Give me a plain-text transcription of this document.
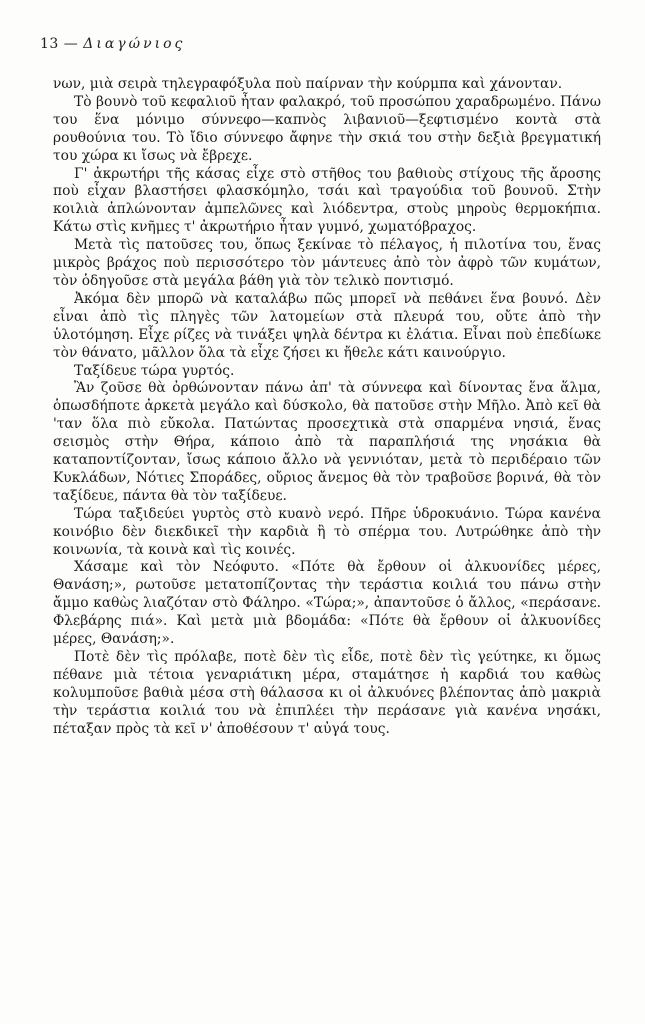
13 — Διαγώνιος

νων, μιὰ σειρὰ τηλεγραφόξυλα ποὺ παίρναν τὴν κούρμπα καὶ χάνονταν.

Τὸ βουνὸ τοῦ κεφαλιοῦ ἦταν φαλακρό, τοῦ προσώπου χαραδρωμένο. Πάνω του ἕνα μόνιμο σύννεφο—καπνὸς λιβανιοῦ—ξεφτισμένο κοντὰ στὰ ρουθούνια του. Τὸ ἴδιο σύννεφο ἄφηνε τὴν σκιά του στὴν δεξιὰ βρεγματική του χώρα κι ἴσως νὰ ἔβρεχε.

Γ' ἀκρωτήρι τῆς κάσας εἶχε στὸ στῆθος του βαθιοὺς στίχους τῆς ἄροσης ποὺ εἶχαν βλαστήσει φλασκόμηλο, τσάι καὶ τραγούδια τοῦ βουνοῦ. Στὴν κοιλιὰ ἁπλώνονταν ἀμπελῶνες καὶ λιόδεντρα, στοὺς μηροὺς θερμοκήπια. Κάτω στὶς κνῆμες τ' ἀκρωτήριο ἦταν γυμνό, χωματόβραχος.

Μετὰ τὶς πατοῦσες του, ὅπως ξεκίναε τὸ πέλαγος, ἡ πιλοτίνα του, ἕνας μικρὸς βράχος ποὺ περισσότερο τὸν μάντευες ἀπὸ τὸν ἀφρὸ τῶν κυμάτων, τὸν ὁδηγοῦσε στὰ μεγάλα βάθη γιὰ τὸν τελικὸ ποντισμό.

Ἀκόμα δὲν μπορῶ νὰ καταλάβω πῶς μπορεῖ νὰ πεθάνει ἕνα βουνό. Δὲν εἶναι ἀπὸ τὶς πληγὲς τῶν λατομείων στὰ πλευρά του, οὔτε ἀπὸ τὴν ὑλοτόμηση. Εἶχε ρίζες νὰ τινάξει ψηλὰ δέντρα κι ἐλάτια. Εἶναι ποὺ ἐπεδίωκε τὸν θάνατο, μᾶλλον ὅλα τὰ εἶχε ζήσει κι ἤθελε κάτι καινούργιο.

Ταξίδευε τώρα γυρτός.

Ἂν ζοῦσε θὰ ὀρθώνονταν πάνω ἀπ' τὰ σύννεφα καὶ δίνοντας ἕνα ἅλμα, ὁπωσδήποτε ἀρκετὰ μεγάλο καὶ δύσκολο, θὰ πατοῦσε στὴν Μῆλο. Ἀπὸ κεῖ θὰ 'ταν ὅλα πιὸ εὔκολα. Πατώντας προσεχτικὰ στὰ σπαρμένα νησιά, ἕνας σεισμὸς στὴν Θήρα, κάποιο ἀπὸ τὰ παραπλήσιά της νησάκια θὰ καταποντίζονταν, ἴσως κάποιο ἄλλο νὰ γεννιόταν, μετὰ τὸ περιδέραιο τῶν Κυκλάδων, Νότιες Σποράδες, οὔριος ἄνεμος θὰ τὸν τραβοῦσε βορινά, θὰ τὸν ταξίδευε, πάντα θὰ τὸν ταξίδευε.

Τώρα ταξιδεύει γυρτὸς στὸ κυανὸ νερό. Πῆρε ὑδροκυάνιο. Τώρα κανένα κοινόβιο δὲν διεκδικεῖ τὴν καρδιὰ ἢ τὸ σπέρμα του. Λυτρώθηκε ἀπὸ τὴν κοινωνία, τὰ κοινὰ καὶ τὶς κοινές.

Χάσαμε καὶ τὸν Νεόφυτο. «Πότε θὰ ἔρθουν οἱ ἀλκυονίδες μέρες, Θανάση;», ρωτοῦσε μετατοπίζοντας τὴν τεράστια κοιλιά του πάνω στὴν ἄμμο καθὼς λιαζόταν στὸ Φάληρο. «Τώρα;», ἀπαντοῦσε ὁ ἄλλος, «περάσανε. Φλεβάρης πιά». Καὶ μετὰ μιὰ βδομάδα: «Πότε θὰ ἔρθουν οἱ ἀλκυονίδες μέρες, Θανάση;».

Ποτὲ δὲν τὶς πρόλαβε, ποτὲ δὲν τὶς εἶδε, ποτὲ δὲν τὶς γεύτηκε, κι ὅμως πέθανε μιὰ τέτοια γεναριάτικη μέρα, σταμάτησε ἡ καρδιά του καθὼς κολυμποῦσε βαθιὰ μέσα στὴ θάλασσα κι οἱ ἀλκυόνες βλέποντας ἀπὸ μακριὰ τὴν τεράστια κοιλιά του νὰ ἐπιπλέει τὴν περάσανε γιὰ κανένα νησάκι, πέταξαν πρὸς τὰ κεῖ ν' ἀποθέσουν τ' αὐγά τους.
